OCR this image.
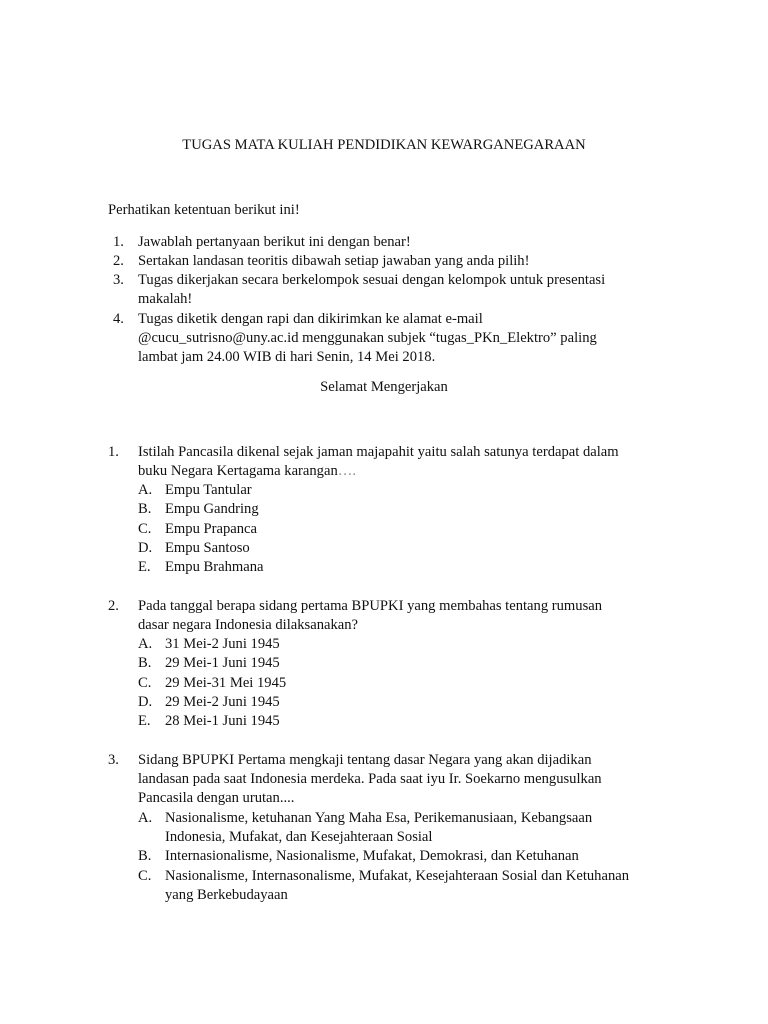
TUGAS MATA KULIAH PENDIDIKAN KEWARGANEGARAAN
Perhatikan ketentuan berikut ini!
1. Jawablah pertanyaan berikut ini dengan benar!
2. Sertakan landasan teoritis dibawah setiap jawaban yang anda pilih!
3. Tugas dikerjakan secara berkelompok sesuai dengan kelompok untuk presentasi
makalah!
4. Tugas diketik dengan rapi dan dikirimkan ke alamat e-mail
@cucu_sutrisno@uny.ac.id menggunakan subjek “tugas_PKn_Elektro” paling
lambat jam 24.00 WIB di hari Senin, 14 Mei 2018.
Selamat Mengerjakan
1. Istilah Pancasila dikenal sejak jaman majapahit yaitu salah satunya terdapat dalam
buku Negara Kertagama karangan….
A. Empu Tantular
B. Empu Gandring
C. Empu Prapanca
D. Empu Santoso
E. Empu Brahmana
2. Pada tanggal berapa sidang pertama BPUPKI yang membahas tentang rumusan
dasar negara Indonesia dilaksanakan?
A. 31 Mei-2 Juni 1945
B. 29 Mei-1 Juni 1945
C. 29 Mei-31 Mei 1945
D. 29 Mei-2 Juni 1945
E. 28 Mei-1 Juni 1945
3. Sidang BPUPKI Pertama mengkaji tentang dasar Negara yang akan dijadikan
landasan pada saat Indonesia merdeka. Pada saat iyu Ir. Soekarno mengusulkan
Pancasila dengan urutan....
A. Nasionalisme, ketuhanan Yang Maha Esa, Perikemanusiaan, Kebangsaan
Indonesia, Mufakat, dan Kesejahteraan Sosial
B. Internasionalisme, Nasionalisme, Mufakat, Demokrasi, dan Ketuhanan
C. Nasionalisme, Internasonalisme, Mufakat, Kesejahteraan Sosial dan Ketuhanan
yang Berkebudayaan
